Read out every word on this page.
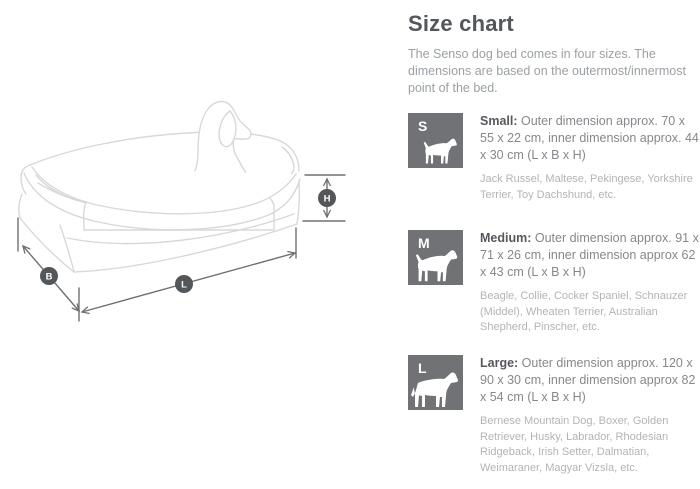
H
B
L
Size chart
The Senso dog bed comes in four sizes. The dimensions are based on the outermost/innermost point of the bed.
S	Small: Outer dimension approx. 70 x 55 x 22 cm, inner dimension approx. 44 x 30 cm (L x B x H)
Jack Russel, Maltese, Pekingese, Yorkshire Terrier, Toy Dachshund, etc.
M	Medium: Outer dimension approx. 91 x 71 x 26 cm, inner dimension approx 62 x 43 cm (L x B x H)
Beagle, Collie, Cocker Spaniel, Schnauzer (Middel), Wheaten Terrier, Australian Shepherd, Pinscher, etc.
L	Large: Outer dimension approx. 120 x 90 x 30 cm, inner dimension approx 82 x 54 cm (L x B x H)
Bernese Mountain Dog, Boxer, Golden Retriever, Husky, Labrador, Rhodesian Ridgeback, Irish Setter, Dalmatian, Weimaraner, Magyar Vizsla, etc.
